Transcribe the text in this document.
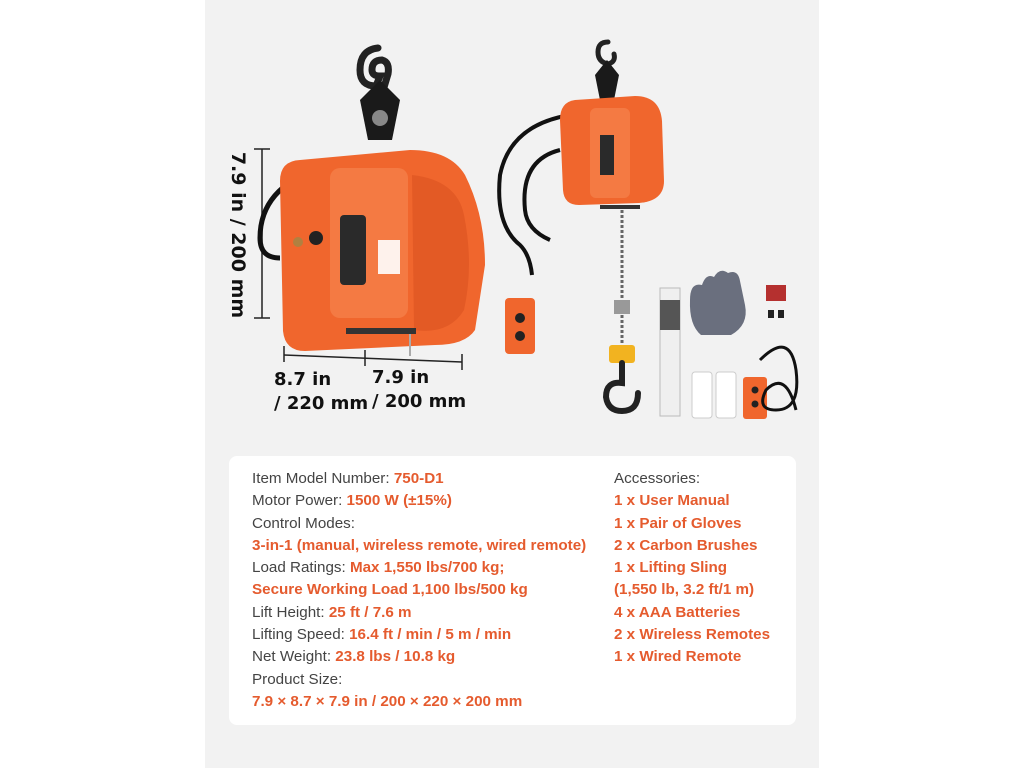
7.9 in / 200 mm
8.7 in
/ 220 mm
7.9 in
/ 200 mm
Item Model Number: 750-D1
Motor Power: 1500 W (±15%)
Control Modes:
3-in-1 (manual, wireless remote, wired remote)
Load Ratings: Max 1,550 lbs/700 kg;
Secure Working Load 1,100 lbs/500 kg
Lift Height: 25 ft / 7.6 m
Lifting Speed: 16.4 ft / min / 5 m / min
Net Weight: 23.8 lbs / 10.8 kg
Product Size:
7.9 × 8.7 × 7.9 in / 200 × 220 × 200 mm
Accessories:
1 x User Manual
1 x Pair of Gloves
2 x Carbon Brushes
1 x Lifting Sling
(1,550 lb, 3.2 ft/1 m)
4 x AAA Batteries
2 x Wireless Remotes
1 x Wired Remote
